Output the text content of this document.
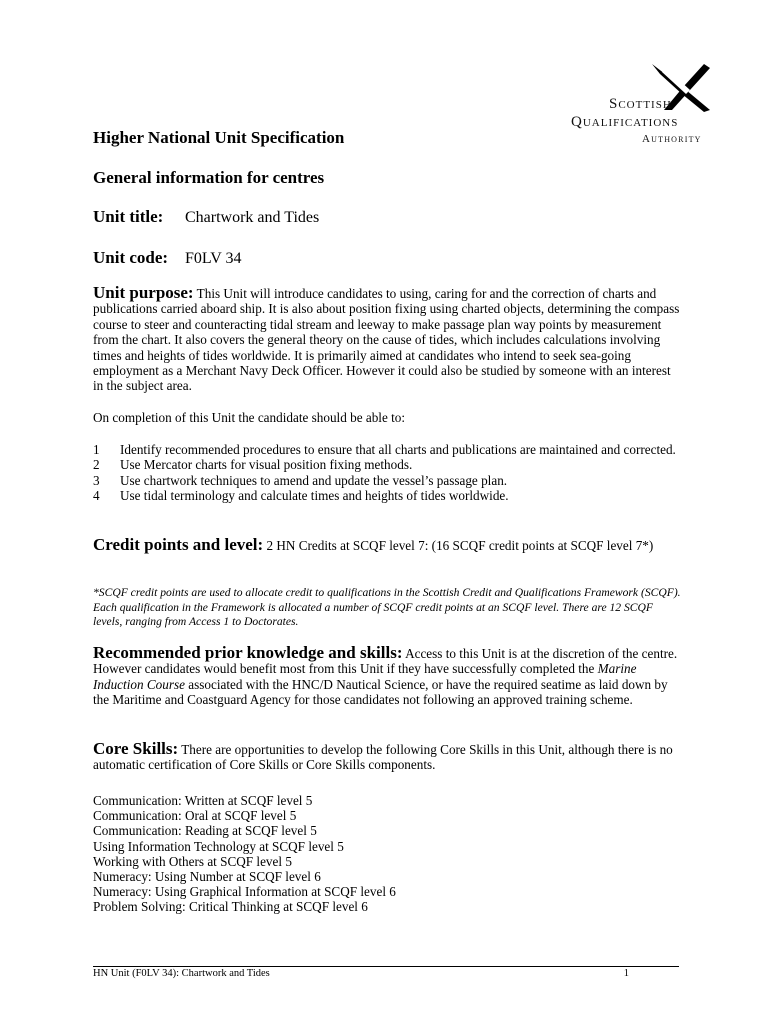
Scottish
Qualifications
Authority
Higher National Unit Specification
General information for centres
Unit title: Chartwork and Tides
Unit code: F0LV 34
Unit purpose: This Unit will introduce candidates to using, caring for and the correction of charts and publications carried aboard ship. It is also about position fixing using charted objects, determining the compass course to steer and counteracting tidal stream and leeway to make passage plan way points by measurement from the chart. It also covers the general theory on the cause of tides, which includes calculations involving times and heights of tides worldwide. It is primarily aimed at candidates who intend to seek sea-going employment as a Merchant Navy Deck Officer. However it could also be studied by someone with an interest in the subject area.
On completion of this Unit the candidate should be able to:
1	Identify recommended procedures to ensure that all charts and publications are maintained and corrected.
2	Use Mercator charts for visual position fixing methods.
3	Use chartwork techniques to amend and update the vessel’s passage plan.
4	Use tidal terminology and calculate times and heights of tides worldwide.
Credit points and level: 2 HN Credits at SCQF level 7: (16 SCQF credit points at SCQF level 7*)
*SCQF credit points are used to allocate credit to qualifications in the Scottish Credit and Qualifications Framework (SCQF). Each qualification in the Framework is allocated a number of SCQF credit points at an SCQF level. There are 12 SCQF levels, ranging from Access 1 to Doctorates.
Recommended prior knowledge and skills: Access to this Unit is at the discretion of the centre. However candidates would benefit most from this Unit if they have successfully completed the Marine Induction Course associated with the HNC/D Nautical Science, or have the required seatime as laid down by the Maritime and Coastguard Agency for those candidates not following an approved training scheme.
Core Skills: There are opportunities to develop the following Core Skills in this Unit, although there is no automatic certification of Core Skills or Core Skills components.
Communication: Written at SCQF level 5
Communication: Oral at SCQF level 5
Communication: Reading at SCQF level 5
Using Information Technology at SCQF level 5
Working with Others at SCQF level 5
Numeracy: Using Number at SCQF level 6
Numeracy: Using Graphical Information at SCQF level 6
Problem Solving: Critical Thinking at SCQF level 6
HN Unit (F0LV 34): Chartwork and Tides	1
